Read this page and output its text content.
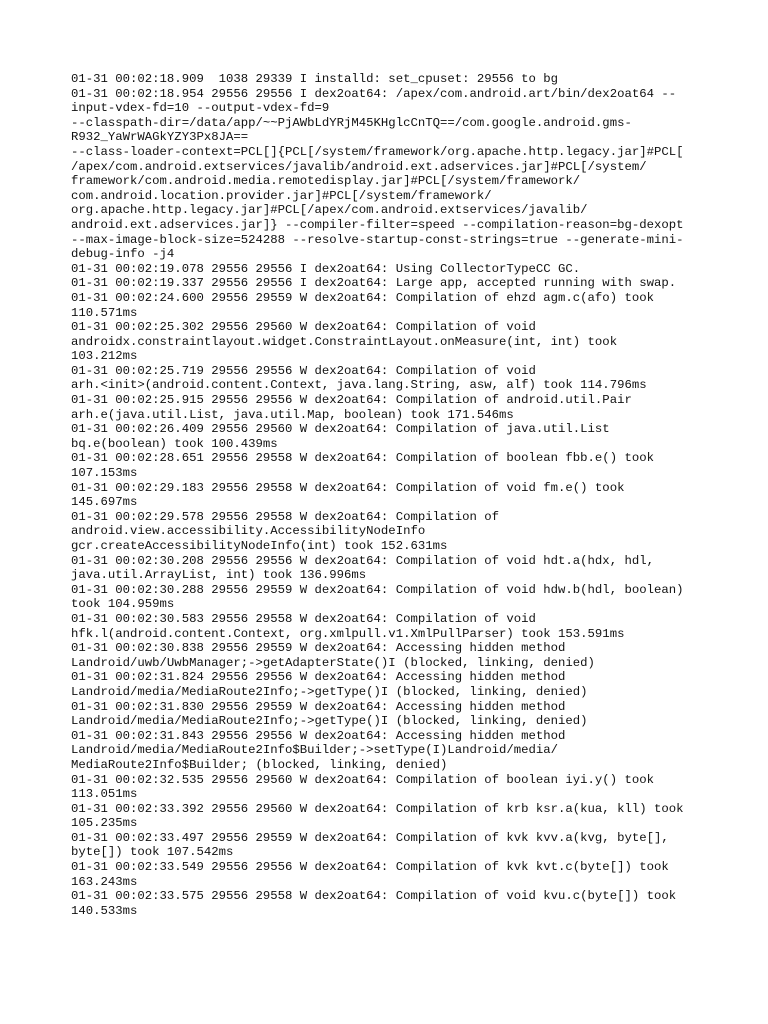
01-31 00:02:18.909  1038 29339 I installd: set_cpuset: 29556 to bg
01-31 00:02:18.954 29556 29556 I dex2oat64: /apex/com.android.art/bin/dex2oat64 --
input-vdex-fd=10 --output-vdex-fd=9
--classpath-dir=/data/app/~~PjAWbLdYRjM45KHglcCnTQ==/com.google.android.gms-
R932_YaWrWAGkYZY3Px8JA==
--class-loader-context=PCL[]{PCL[/system/framework/org.apache.http.legacy.jar]#PCL[
/apex/com.android.extservices/javalib/android.ext.adservices.jar]#PCL[/system/
framework/com.android.media.remotedisplay.jar]#PCL[/system/framework/
com.android.location.provider.jar]#PCL[/system/framework/
org.apache.http.legacy.jar]#PCL[/apex/com.android.extservices/javalib/
android.ext.adservices.jar]} --compiler-filter=speed --compilation-reason=bg-dexopt
--max-image-block-size=524288 --resolve-startup-const-strings=true --generate-mini-
debug-info -j4
01-31 00:02:19.078 29556 29556 I dex2oat64: Using CollectorTypeCC GC.
01-31 00:02:19.337 29556 29556 I dex2oat64: Large app, accepted running with swap.
01-31 00:02:24.600 29556 29559 W dex2oat64: Compilation of ehzd agm.c(afo) took
110.571ms
01-31 00:02:25.302 29556 29560 W dex2oat64: Compilation of void
androidx.constraintlayout.widget.ConstraintLayout.onMeasure(int, int) took
103.212ms
01-31 00:02:25.719 29556 29556 W dex2oat64: Compilation of void
arh.<init>(android.content.Context, java.lang.String, asw, alf) took 114.796ms
01-31 00:02:25.915 29556 29556 W dex2oat64: Compilation of android.util.Pair
arh.e(java.util.List, java.util.Map, boolean) took 171.546ms
01-31 00:02:26.409 29556 29560 W dex2oat64: Compilation of java.util.List
bq.e(boolean) took 100.439ms
01-31 00:02:28.651 29556 29558 W dex2oat64: Compilation of boolean fbb.e() took
107.153ms
01-31 00:02:29.183 29556 29558 W dex2oat64: Compilation of void fm.e() took
145.697ms
01-31 00:02:29.578 29556 29558 W dex2oat64: Compilation of
android.view.accessibility.AccessibilityNodeInfo
gcr.createAccessibilityNodeInfo(int) took 152.631ms
01-31 00:02:30.208 29556 29556 W dex2oat64: Compilation of void hdt.a(hdx, hdl,
java.util.ArrayList, int) took 136.996ms
01-31 00:02:30.288 29556 29559 W dex2oat64: Compilation of void hdw.b(hdl, boolean)
took 104.959ms
01-31 00:02:30.583 29556 29558 W dex2oat64: Compilation of void
hfk.l(android.content.Context, org.xmlpull.v1.XmlPullParser) took 153.591ms
01-31 00:02:30.838 29556 29559 W dex2oat64: Accessing hidden method
Landroid/uwb/UwbManager;->getAdapterState()I (blocked, linking, denied)
01-31 00:02:31.824 29556 29556 W dex2oat64: Accessing hidden method
Landroid/media/MediaRoute2Info;->getType()I (blocked, linking, denied)
01-31 00:02:31.830 29556 29559 W dex2oat64: Accessing hidden method
Landroid/media/MediaRoute2Info;->getType()I (blocked, linking, denied)
01-31 00:02:31.843 29556 29556 W dex2oat64: Accessing hidden method
Landroid/media/MediaRoute2Info$Builder;->setType(I)Landroid/media/
MediaRoute2Info$Builder; (blocked, linking, denied)
01-31 00:02:32.535 29556 29560 W dex2oat64: Compilation of boolean iyi.y() took
113.051ms
01-31 00:02:33.392 29556 29560 W dex2oat64: Compilation of krb ksr.a(kua, kll) took
105.235ms
01-31 00:02:33.497 29556 29559 W dex2oat64: Compilation of kvk kvv.a(kvg, byte[],
byte[]) took 107.542ms
01-31 00:02:33.549 29556 29556 W dex2oat64: Compilation of kvk kvt.c(byte[]) took
163.243ms
01-31 00:02:33.575 29556 29558 W dex2oat64: Compilation of void kvu.c(byte[]) took
140.533ms
